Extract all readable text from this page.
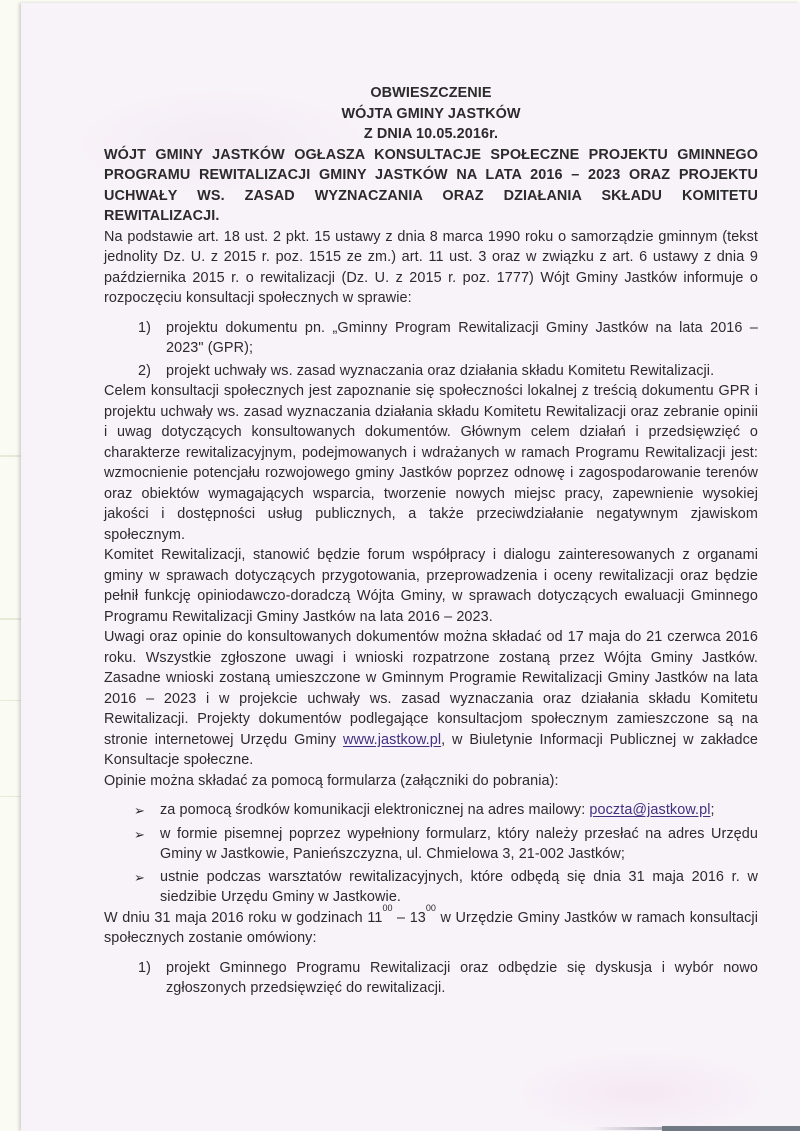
OBWIESZCZENIE
WÓJTA GMINY JASTKÓW
Z DNIA 10.05.2016r.

WÓJT GMINY JASTKÓW OGŁASZA KONSULTACJE SPOŁECZNE PROJEKTU GMINNEGO PROGRAMU REWITALIZACJI GMINY JASTKÓW NA LATA 2016 – 2023 ORAZ PROJEKTU UCHWAŁY WS. ZASAD WYZNACZANIA ORAZ DZIAŁANIA SKŁADU KOMITETU REWITALIZACJI.

Na podstawie art. 18 ust. 2 pkt. 15 ustawy z dnia 8 marca 1990 roku o samorządzie gminnym (tekst jednolity Dz. U. z 2015 r. poz. 1515 ze zm.) art. 11 ust. 3 oraz w związku z art. 6 ustawy z dnia 9 października 2015 r. o rewitalizacji (Dz. U. z 2015 r. poz. 1777) Wójt Gminy Jastków informuje o rozpoczęciu konsultacji społecznych w sprawie:

1)	projektu dokumentu pn. „Gminny Program Rewitalizacji Gminy Jastków na lata 2016 – 2023" (GPR);
2)	projekt uchwały ws. zasad wyznaczania oraz działania składu Komitetu Rewitalizacji.

Celem konsultacji społecznych jest zapoznanie się społeczności lokalnej z treścią dokumentu GPR i projektu uchwały ws. zasad wyznaczania działania składu Komitetu Rewitalizacji oraz zebranie opinii i uwag dotyczących konsultowanych dokumentów. Głównym celem działań i przedsięwzięć o charakterze rewitalizacyjnym, podejmowanych i wdrażanych w ramach Programu Rewitalizacji jest: wzmocnienie potencjału rozwojowego gminy Jastków poprzez odnowę i zagospodarowanie terenów oraz obiektów wymagających wsparcia, tworzenie nowych miejsc pracy, zapewnienie wysokiej jakości i dostępności usług publicznych, a także przeciwdziałanie negatywnym zjawiskom społecznym.

Komitet Rewitalizacji, stanowić będzie forum współpracy i dialogu zainteresowanych z organami gminy w sprawach dotyczących przygotowania, przeprowadzenia i oceny rewitalizacji oraz będzie pełnił funkcję opiniodawczo-doradczą Wójta Gminy, w sprawach dotyczących ewaluacji Gminnego Programu Rewitalizacji Gminy Jastków na lata 2016 – 2023.

Uwagi oraz opinie do konsultowanych dokumentów można składać od 17 maja do 21 czerwca 2016 roku. Wszystkie zgłoszone uwagi i wnioski rozpatrzone zostaną przez Wójta Gminy Jastków. Zasadne wnioski zostaną umieszczone w Gminnym Programie Rewitalizacji Gminy Jastków na lata 2016 – 2023 i w projekcie uchwały ws. zasad wyznaczania oraz działania składu Komitetu Rewitalizacji. Projekty dokumentów podlegające konsultacjom społecznym zamieszczone są na stronie internetowej Urzędu Gminy www.jastkow.pl, w Biuletynie Informacji Publicznej w zakładce Konsultacje społeczne.

Opinie można składać za pomocą formularza (załączniki do pobrania):

➢	za pomocą środków komunikacji elektronicznej na adres mailowy: poczta@jastkow.pl;
➢	w formie pisemnej poprzez wypełniony formularz, który należy przesłać na adres Urzędu Gminy w Jastkowie, Panieńszczyzna, ul. Chmielowa 3, 21-002 Jastków;
➢	ustnie podczas warsztatów rewitalizacyjnych, które odbędą się dnia 31 maja 2016 r. w siedzibie Urzędu Gminy w Jastkowie.

W dniu 31 maja 2016 roku w godzinach $11^{00} - 13^{00}$ w Urzędzie Gminy Jastków w ramach konsultacji społecznych zostanie omówiony:

1)	projekt Gminnego Programu Rewitalizacji oraz odbędzie się dyskusja i wybór nowo zgłoszonych przedsięwzięć do rewitalizacji.
